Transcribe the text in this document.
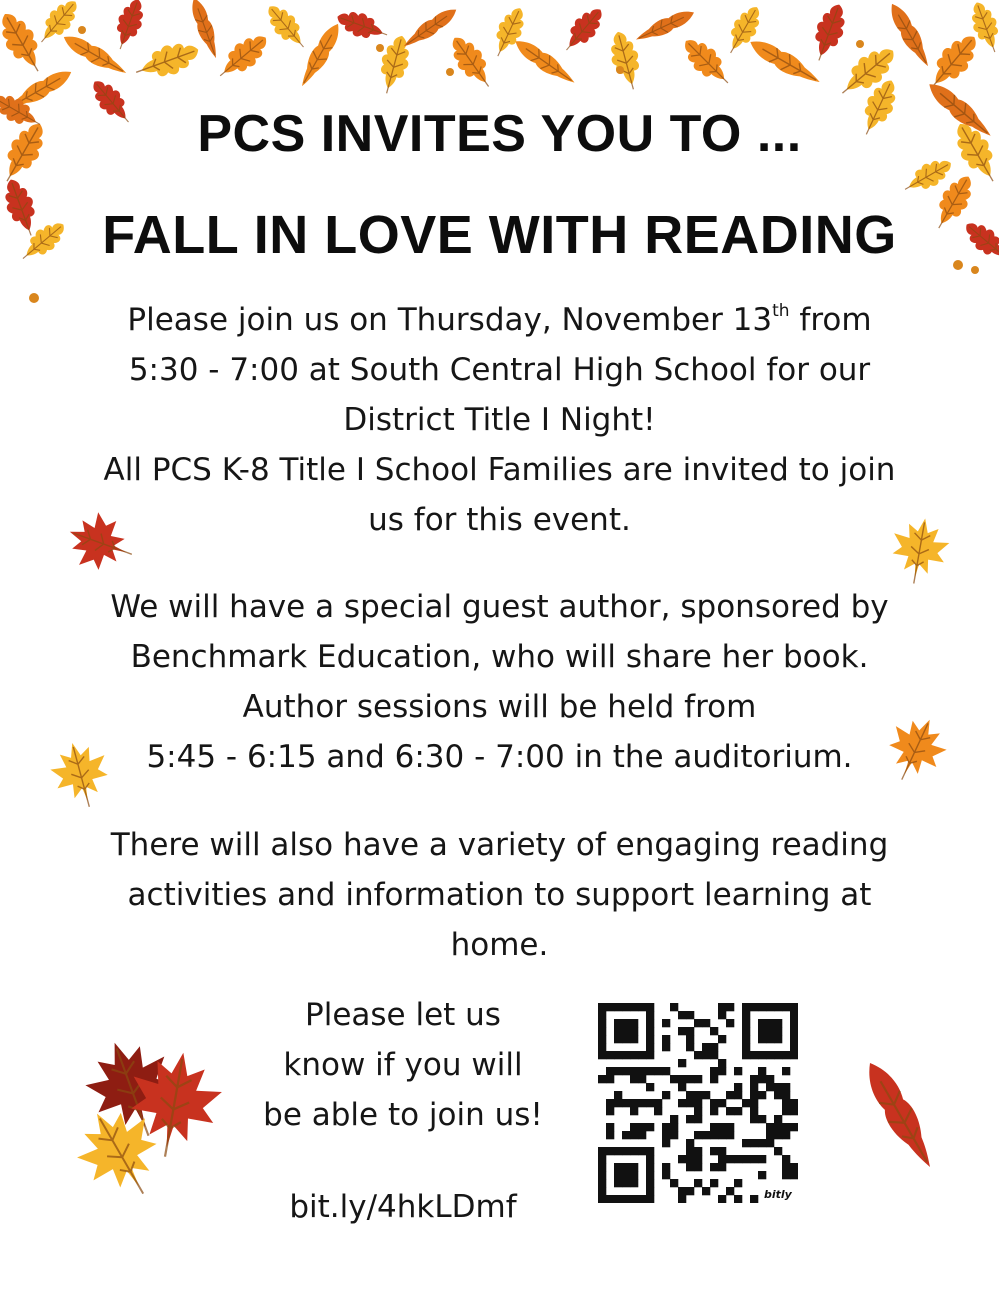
PCS INVITES YOU TO ...
FALL IN LOVE WITH READING
Please join us on Thursday, November 13th from
5:30 - 7:00 at South Central High School for our
District Title I Night!
All PCS K-8 Title I School Families are invited to join
us for this event.
We will have a special guest author, sponsored by
Benchmark Education, who will share her book.
Author sessions will be held from
5:45 - 6:15 and 6:30 - 7:00 in the auditorium.
There will also have a variety of engaging reading
activities and information to support learning at
home.
Please let us
know if you will
be able to join us!
bit.ly/4hkLDmf	bitly
